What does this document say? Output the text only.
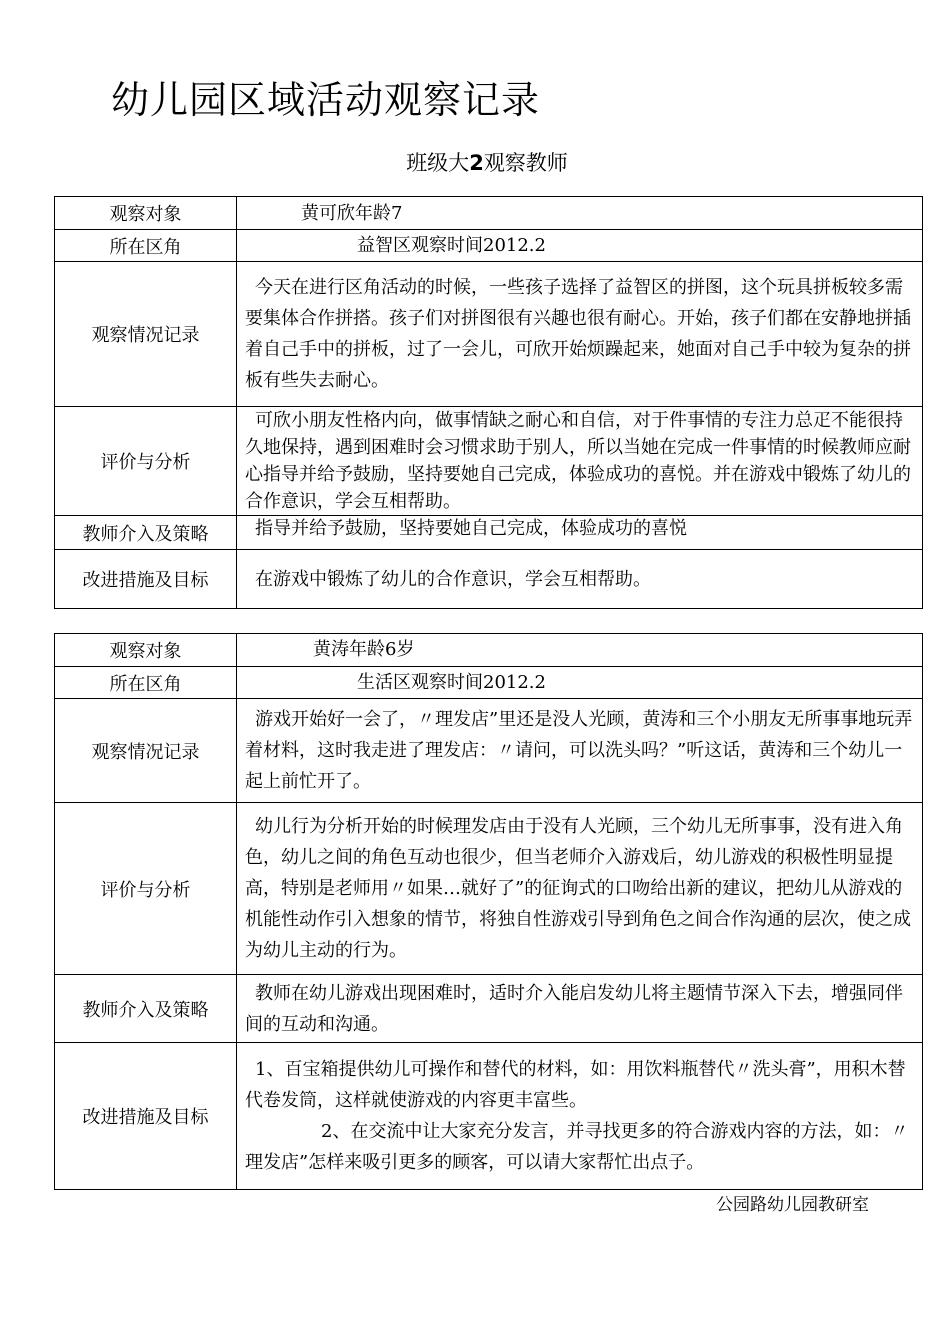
幼儿园区域活动观察记录
班级大2观察教师
观察对象	黄可欣年龄7

所在区角	益智区观察时间2012.2

观察情况记录	今天在进行区角活动的时候，一些孩子选择了益智区的拼图，这个玩具拼板较多需要集体合作拼搭。孩子们对拼图很有兴趣也很有耐心。开始，孩子们都在安静地拼插着自己手中的拼板，过了一会儿，可欣开始烦躁起来，她面对自己手中较为复杂的拼板有些失去耐心。

评价与分析	可欣小朋友性格内向，做事情缺之耐心和自信，对于件事情的专注力总疋不能很持久地保持，遇到困难时会习惯求助于别人，所以当她在完成一件事情的时候教师应耐心指导并给予鼓励，坚持要她自己完成，体验成功的喜悦。并在游戏中锻炼了幼儿的合作意识，学会互相帮助。

教师介入及策略	指导并给予鼓励，坚持要她自己完成，体验成功的喜悦

改进措施及目标	在游戏中锻炼了幼儿的合作意识，学会互相帮助。
观察对象	黄涛年龄6岁

所在区角	生活区观察时间2012.2

观察情况记录	游戏开始好一会了，〃理发店”里还是没人光顾，黄涛和三个小朋友无所事事地玩弄着材料，这时我走进了理发店：〃请问，可以洗头吗？”听这话，黄涛和三个幼儿一起上前忙开了。

评价与分析	幼儿行为分析开始的时候理发店由于没有人光顾，三个幼儿无所事事，没有进入角色，幼儿之间的角色互动也很少，但当老师介入游戏后，幼儿游戏的积极性明显提高，特别是老师用〃如果…就好了”的征询式的口吻给出新的建议，把幼儿从游戏的机能性动作引入想象的情节，将独自性游戏引导到角色之间合作沟通的层次，使之成为幼儿主动的行为。

教师介入及策略	教师在幼儿游戏出现困难时，适时介入能启发幼儿将主题情节深入下去，增强同伴间的互动和沟通。

改进措施及目标	1、百宝箱提供幼儿可操作和替代的材料，如：用饮料瓶替代〃洗头膏”，用积木替代卷发筒，这样就使游戏的内容更丰富些。
2、在交流中让大家充分发言，并寻找更多的符合游戏内容的方法，如：〃理发店”怎样来吸引更多的顾客，可以请大家帮忙出点子。
公园路幼儿园教研室
